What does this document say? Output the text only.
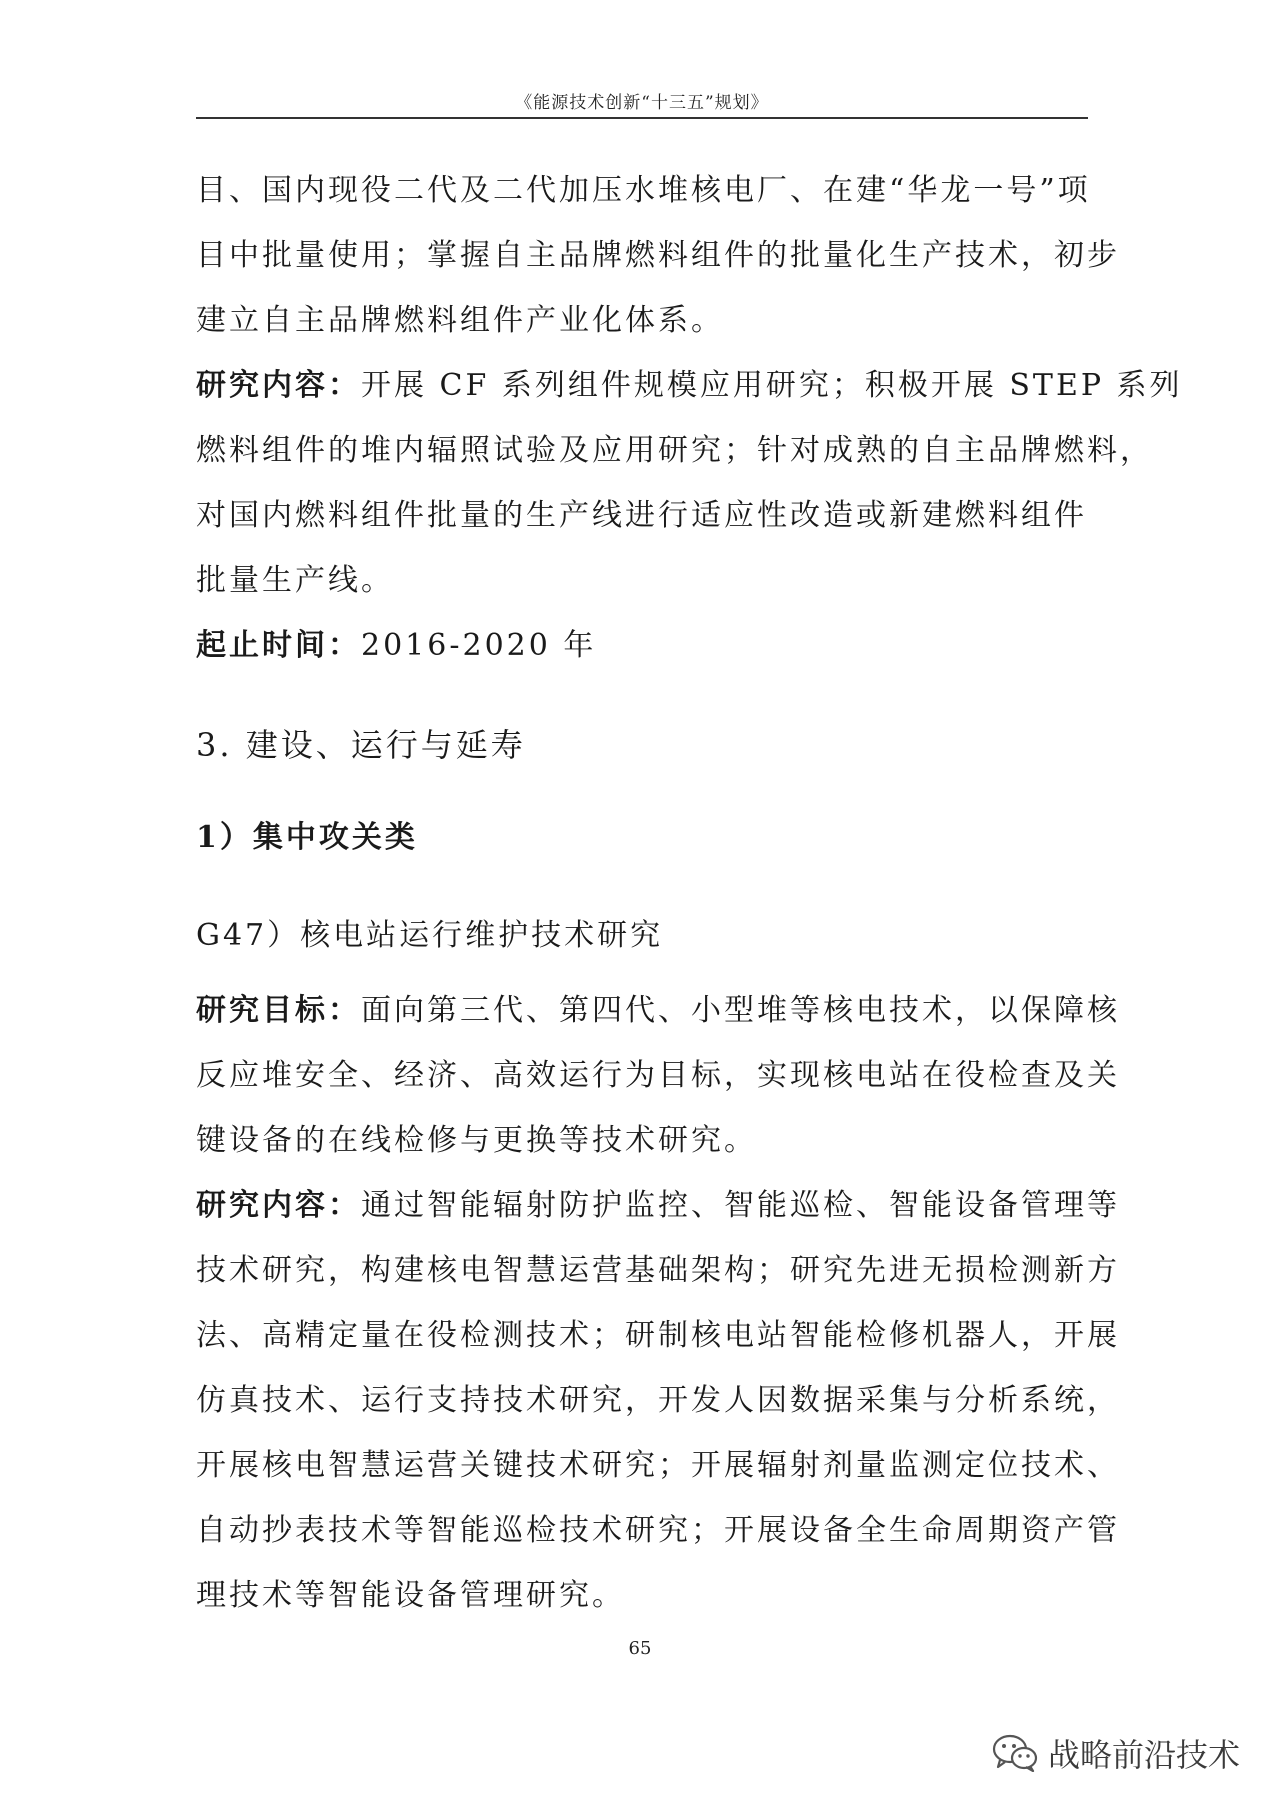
《能源技术创新“十三五”规划》
目、国内现役二代及二代加压水堆核电厂、在建“华龙一号”项
目中批量使用；掌握自主品牌燃料组件的批量化生产技术，初步
建立自主品牌燃料组件产业化体系。
研究内容：开展 CF 系列组件规模应用研究；积极开展 STEP 系列
燃料组件的堆内辐照试验及应用研究；针对成熟的自主品牌燃料，
对国内燃料组件批量的生产线进行适应性改造或新建燃料组件
批量生产线。
起止时间：2016-2020 年
3. 建设、运行与延寿
1）集中攻关类
G47）核电站运行维护技术研究
研究目标：面向第三代、第四代、小型堆等核电技术，以保障核
反应堆安全、经济、高效运行为目标，实现核电站在役检查及关
键设备的在线检修与更换等技术研究。
研究内容：通过智能辐射防护监控、智能巡检、智能设备管理等
技术研究，构建核电智慧运营基础架构；研究先进无损检测新方
法、高精定量在役检测技术；研制核电站智能检修机器人，开展
仿真技术、运行支持技术研究，开发人因数据采集与分析系统，
开展核电智慧运营关键技术研究；开展辐射剂量监测定位技术、
自动抄表技术等智能巡检技术研究；开展设备全生命周期资产管
理技术等智能设备管理研究。
65
战略前沿技术
